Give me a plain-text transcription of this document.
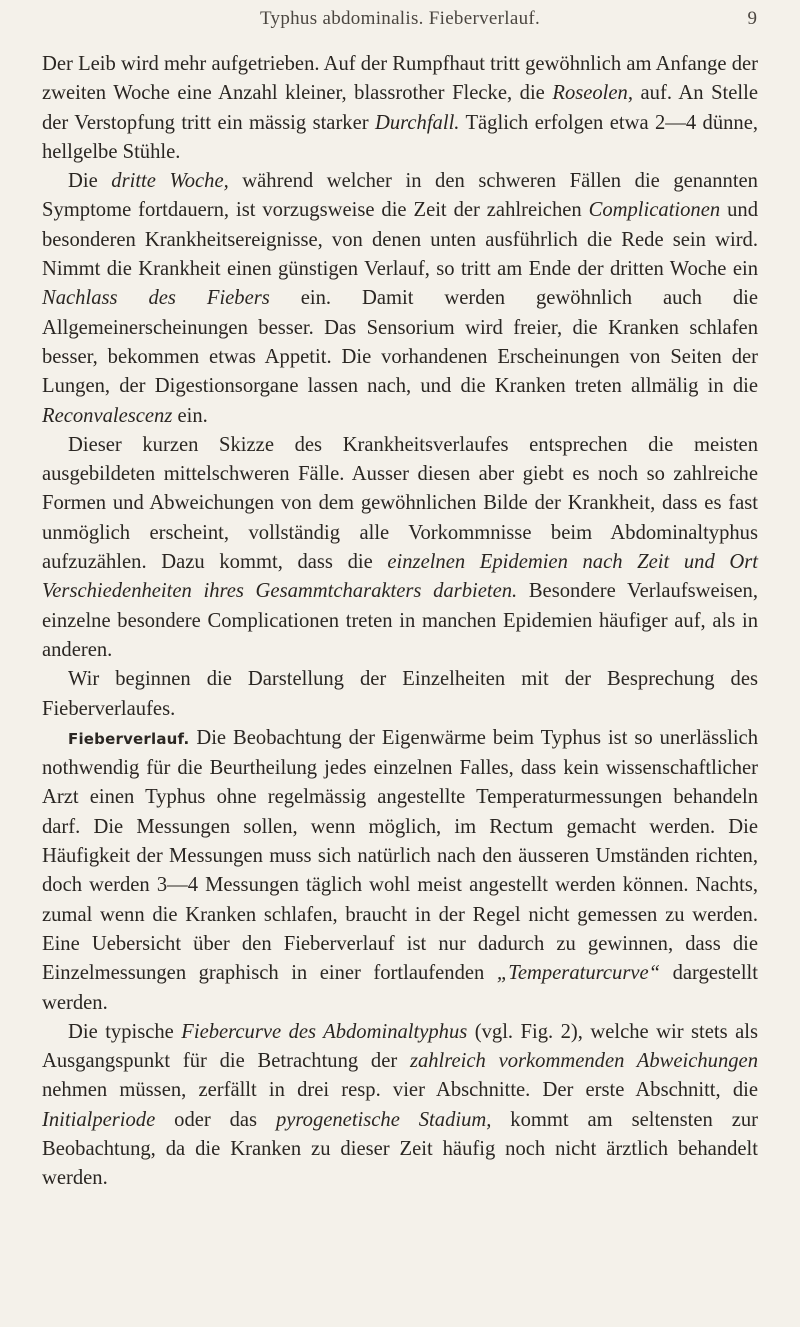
Typhus abdominalis. Fieberverlauf.	9

Der Leib wird mehr aufgetrieben. Auf der Rumpfhaut tritt gewöhnlich am Anfange der zweiten Woche eine Anzahl kleiner, blassrother Flecke, die Roseolen, auf. An Stelle der Verstopfung tritt ein mässig starker Durchfall. Täglich erfolgen etwa 2—4 dünne, hellgelbe Stühle.

Die dritte Woche, während welcher in den schweren Fällen die genannten Symptome fortdauern, ist vorzugsweise die Zeit der zahlreichen Complicationen und besonderen Krankheitsereignisse, von denen unten ausführlich die Rede sein wird. Nimmt die Krankheit einen günstigen Verlauf, so tritt am Ende der dritten Woche ein Nachlass des Fiebers ein. Damit werden gewöhnlich auch die Allgemeinerscheinungen besser. Das Sensorium wird freier, die Kranken schlafen besser, bekommen etwas Appetit. Die vorhandenen Erscheinungen von Seiten der Lungen, der Digestionsorgane lassen nach, und die Kranken treten allmälig in die Reconvalescenz ein.

Dieser kurzen Skizze des Krankheitsverlaufes entsprechen die meisten ausgebildeten mittelschweren Fälle. Ausser diesen aber giebt es noch so zahlreiche Formen und Abweichungen von dem gewöhnlichen Bilde der Krankheit, dass es fast unmöglich erscheint, vollständig alle Vorkommnisse beim Abdominaltyphus aufzuzählen. Dazu kommt, dass die einzelnen Epidemien nach Zeit und Ort Verschiedenheiten ihres Gesammtcharakters darbieten. Besondere Verlaufsweisen, einzelne besondere Complicationen treten in manchen Epidemien häufiger auf, als in anderen.

Wir beginnen die Darstellung der Einzelheiten mit der Besprechung des Fieberverlaufes.

Fieberverlauf. Die Beobachtung der Eigenwärme beim Typhus ist so unerlässlich nothwendig für die Beurtheilung jedes einzelnen Falles, dass kein wissenschaftlicher Arzt einen Typhus ohne regelmässig angestellte Temperaturmessungen behandeln darf. Die Messungen sollen, wenn möglich, im Rectum gemacht werden. Die Häufigkeit der Messungen muss sich natürlich nach den äusseren Umständen richten, doch werden 3—4 Messungen täglich wohl meist angestellt werden können. Nachts, zumal wenn die Kranken schlafen, braucht in der Regel nicht gemessen zu werden. Eine Uebersicht über den Fieberverlauf ist nur dadurch zu gewinnen, dass die Einzelmessungen graphisch in einer fortlaufenden „Temperaturcurve“ dargestellt werden.

Die typische Fiebercurve des Abdominaltyphus (vgl. Fig. 2), welche wir stets als Ausgangspunkt für die Betrachtung der zahlreich vorkommenden Abweichungen nehmen müssen, zerfällt in drei resp. vier Abschnitte. Der erste Abschnitt, die Initialperiode oder das pyrogenetische Stadium, kommt am seltensten zur Beobachtung, da die Kranken zu dieser Zeit häufig noch nicht ärztlich behandelt werden.
